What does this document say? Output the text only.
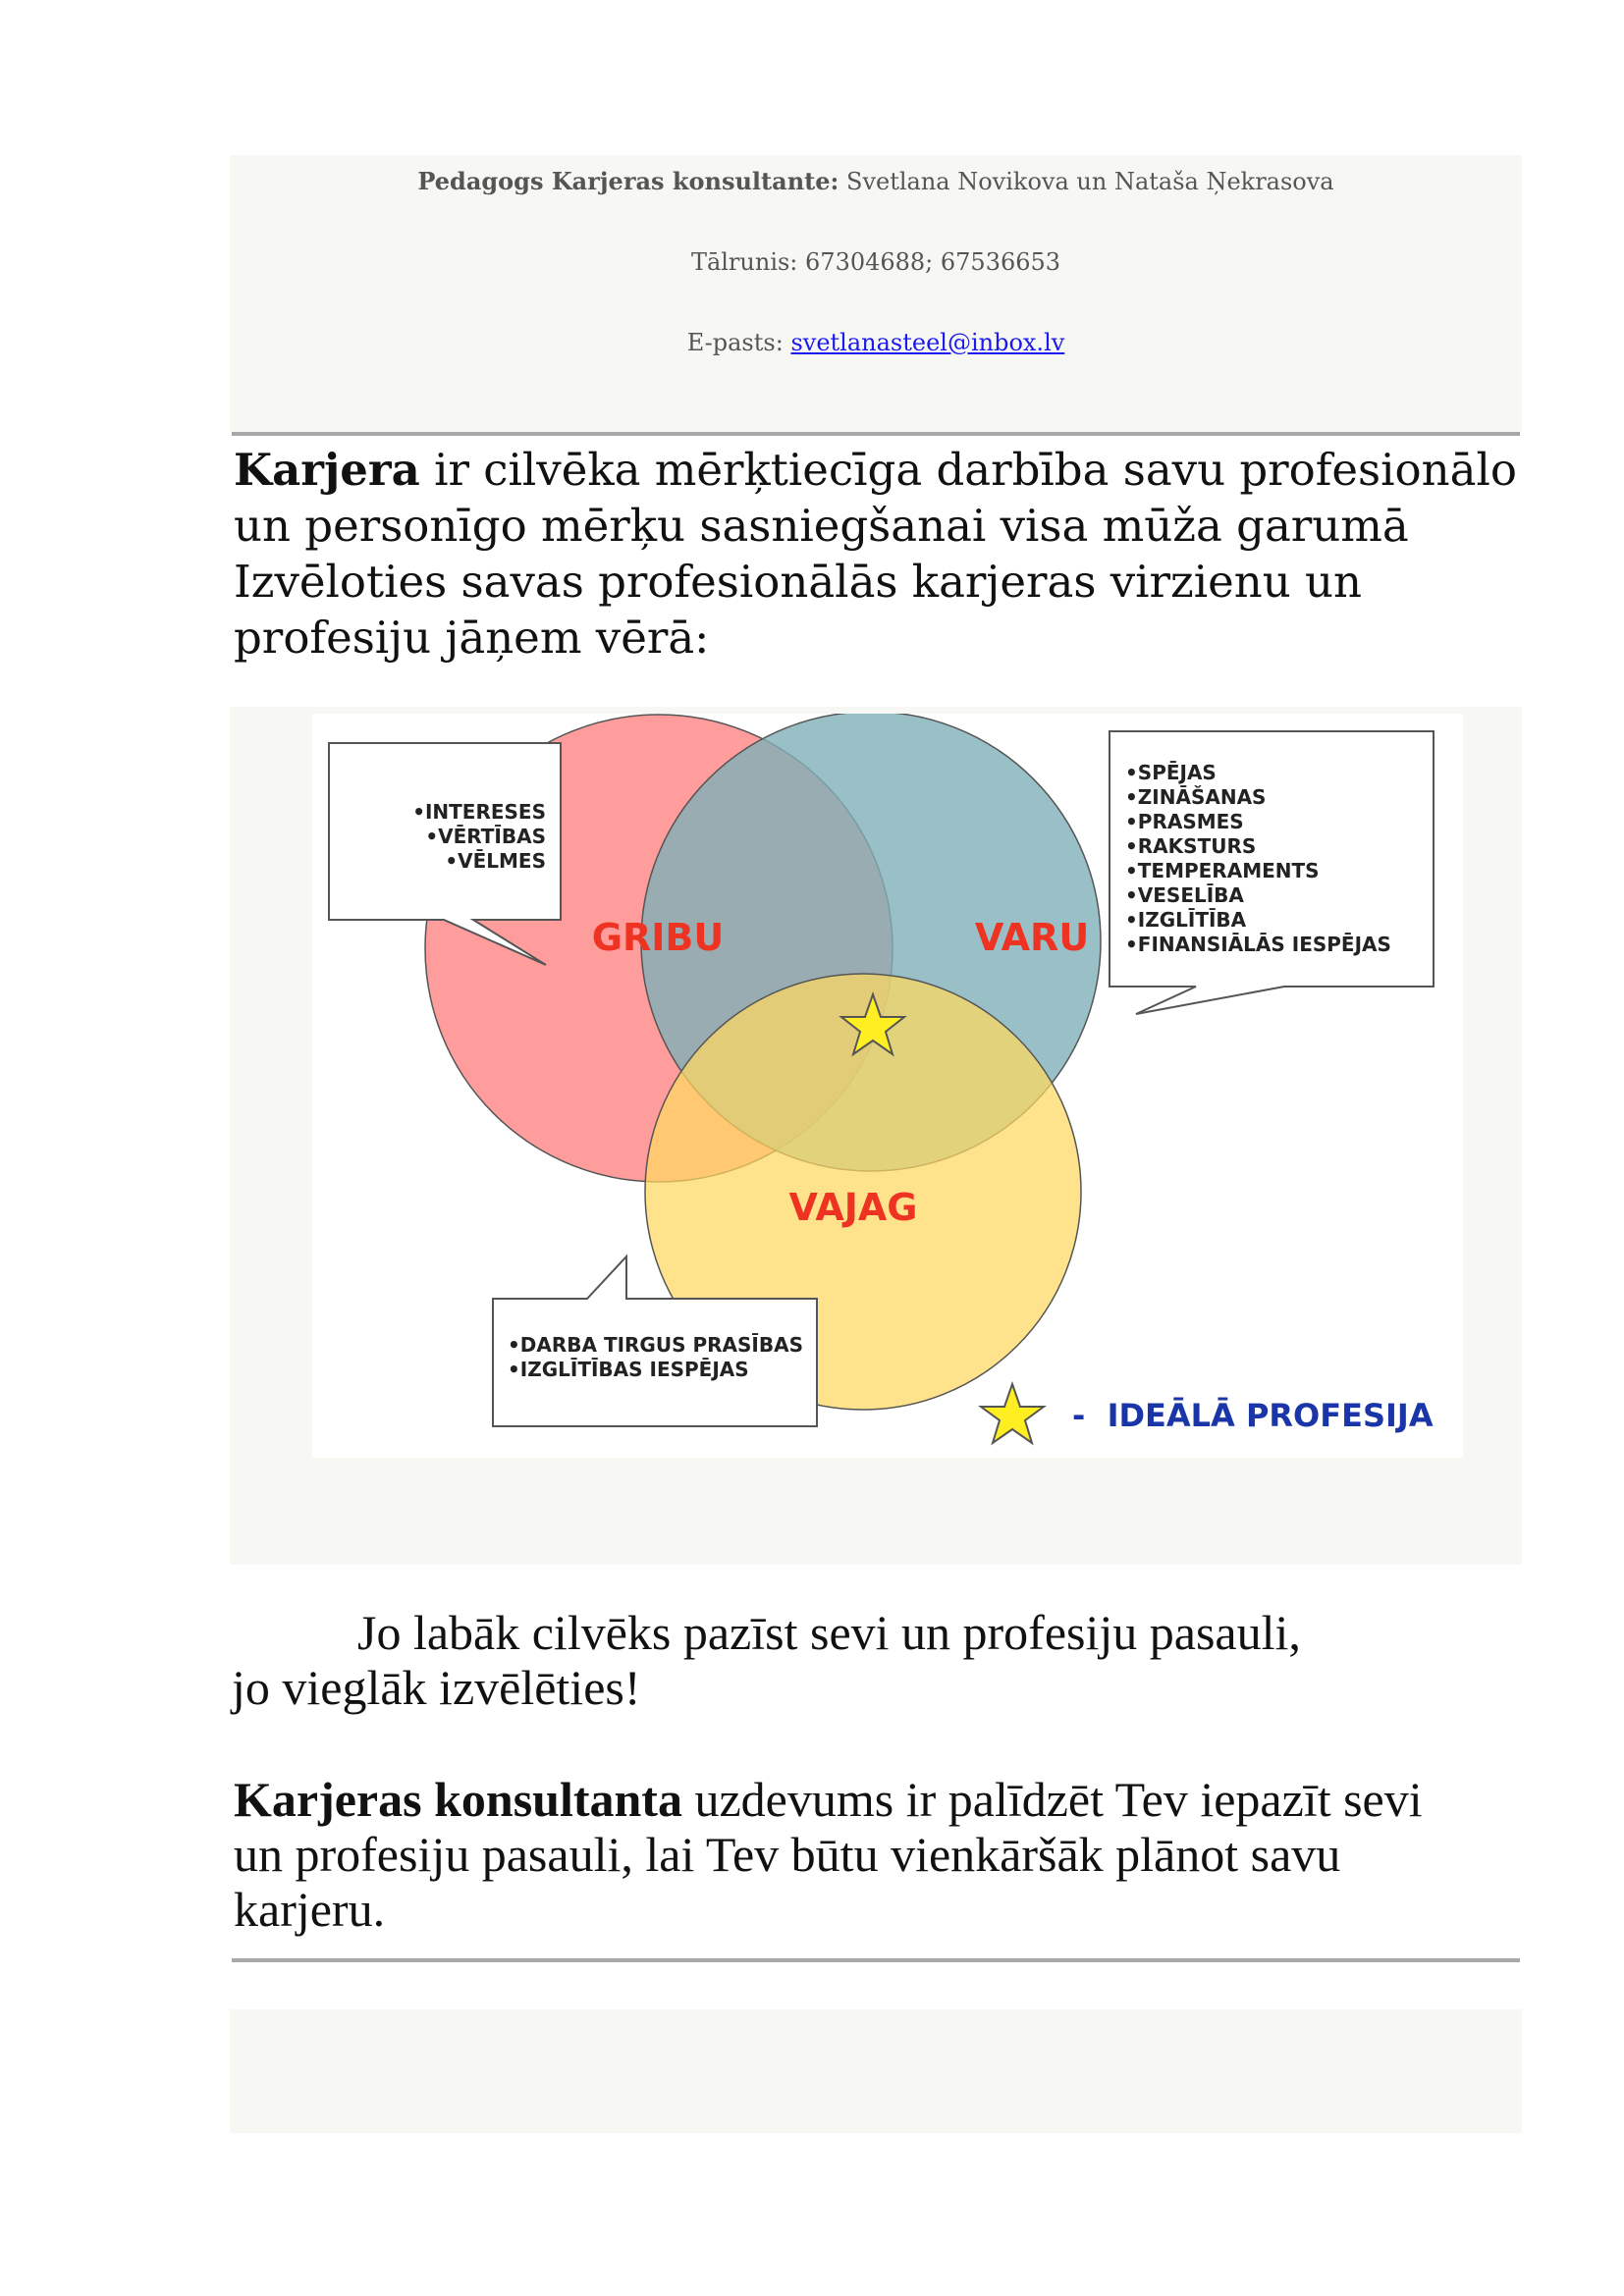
Pedagogs Karjeras konsultante: Svetlana Novikova un Nataša Ņekrasova
Tālrunis: 67304688; 67536653
E-pasts: svetlanasteel@inbox.lv
Karjera ir cilvēka mērķtiecīga darbība savu profesionālo
un personīgo mērķu sasniegšanai visa mūža garumā
Izvēloties savas profesionālās karjeras virzienu un
profesiju jāņem vērā:
•INTERESES
•VĒRTĪBAS
•VĒLMES
•SPĒJAS
•ZINĀŠANAS
•PRASMES
•RAKSTURS
•TEMPERAMENTS
•VESELĪBA
•IZGLĪTĪBA
•FINANSIĀLĀS IESPĒJAS
•DARBA TIRGUS PRASĪBAS
•IZGLĪTĪBAS IESPĒJAS
GRIBU	VARU
VAJAG
-  IDEĀLĀ PROFESIJA
Jo labāk cilvēks pazīst sevi un profesiju pasauli,
jo vieglāk izvēlēties!
Karjeras konsultanta uzdevums ir palīdzēt Tev iepazīt sevi
un profesiju pasauli, lai Tev būtu vienkāršāk plānot savu
karjeru.
